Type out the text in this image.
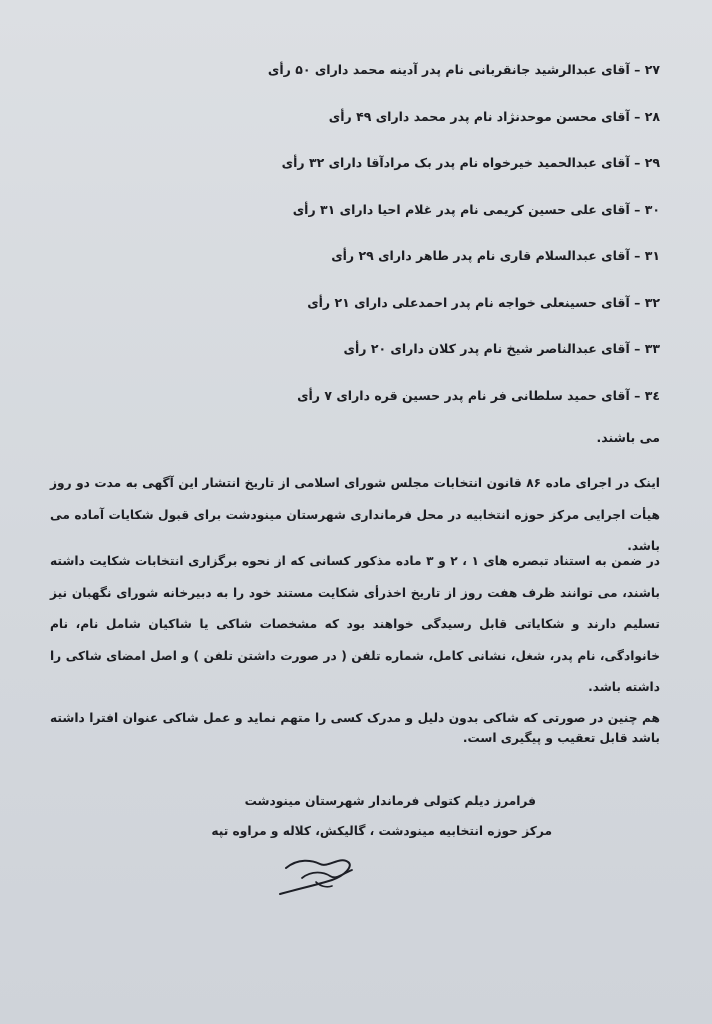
۲۷ – آقای عبدالرشید جانقربانی نام پدر آدینه محمد دارای ۵۰ رأی
۲۸ – آقای محسن موحدنژاد نام پدر محمد دارای ۴۹ رأی
۲۹ – آقای عبدالحمید خیرخواه نام پدر بک مرادآقا دارای ۳۲ رأی
۳۰ – آقای علی حسین کریمی نام پدر غلام احیا دارای ۳۱ رأی
۳۱ – آقای عبدالسلام قاری نام پدر طاهر دارای ۲۹ رأی
۳۲ – آقای حسینعلی خواجه نام پدر احمدعلی دارای ۲۱ رأی
۳۳ – آقای عبدالناصر شیخ نام پدر کلان دارای ۲۰ رأی
۳٤ – آقای حمید سلطانی فر نام پدر حسین قره دارای ۷ رأی
می باشند.

اینک در اجرای ماده ۸۶ قانون انتخابات مجلس شورای اسلامی از تاریخ انتشار این آگهی به مدت دو روز هیأت اجرایی مرکز حوزه انتخابیه در محل فرمانداری شهرستان مینودشت برای قبول شکایات آماده می باشد.

در ضمن به استناد تبصره های ۱ ، ۲ و ۳ ماده مذکور کسانی که از نحوه برگزاری انتخابات شکایت داشته باشند، می توانند ظرف هفت روز از تاریخ اخذرأی شکایت مستند خود را به دبیرخانه شورای نگهبان نیز تسلیم دارند و شکایاتی قابل رسیدگی خواهند بود که مشخصات شاکی یا شاکیان شامل نام، نام خانوادگی، نام پدر، شغل، نشانی کامل، شماره تلفن ( در صورت داشتن تلفن ) و اصل امضای شاکی را داشته باشد.

هم چنین در صورتی که شاکی بدون دلیل و مدرک کسی را متهم نماید و عمل شاکی عنوان افترا داشته باشد قابل تعقیب و پیگیری است.

فرامرز دیلم کتولی فرماندار شهرستان مینودشت
مرکز حوزه انتخابیه مینودشت ، گالیکش، کلاله و مراوه تپه
